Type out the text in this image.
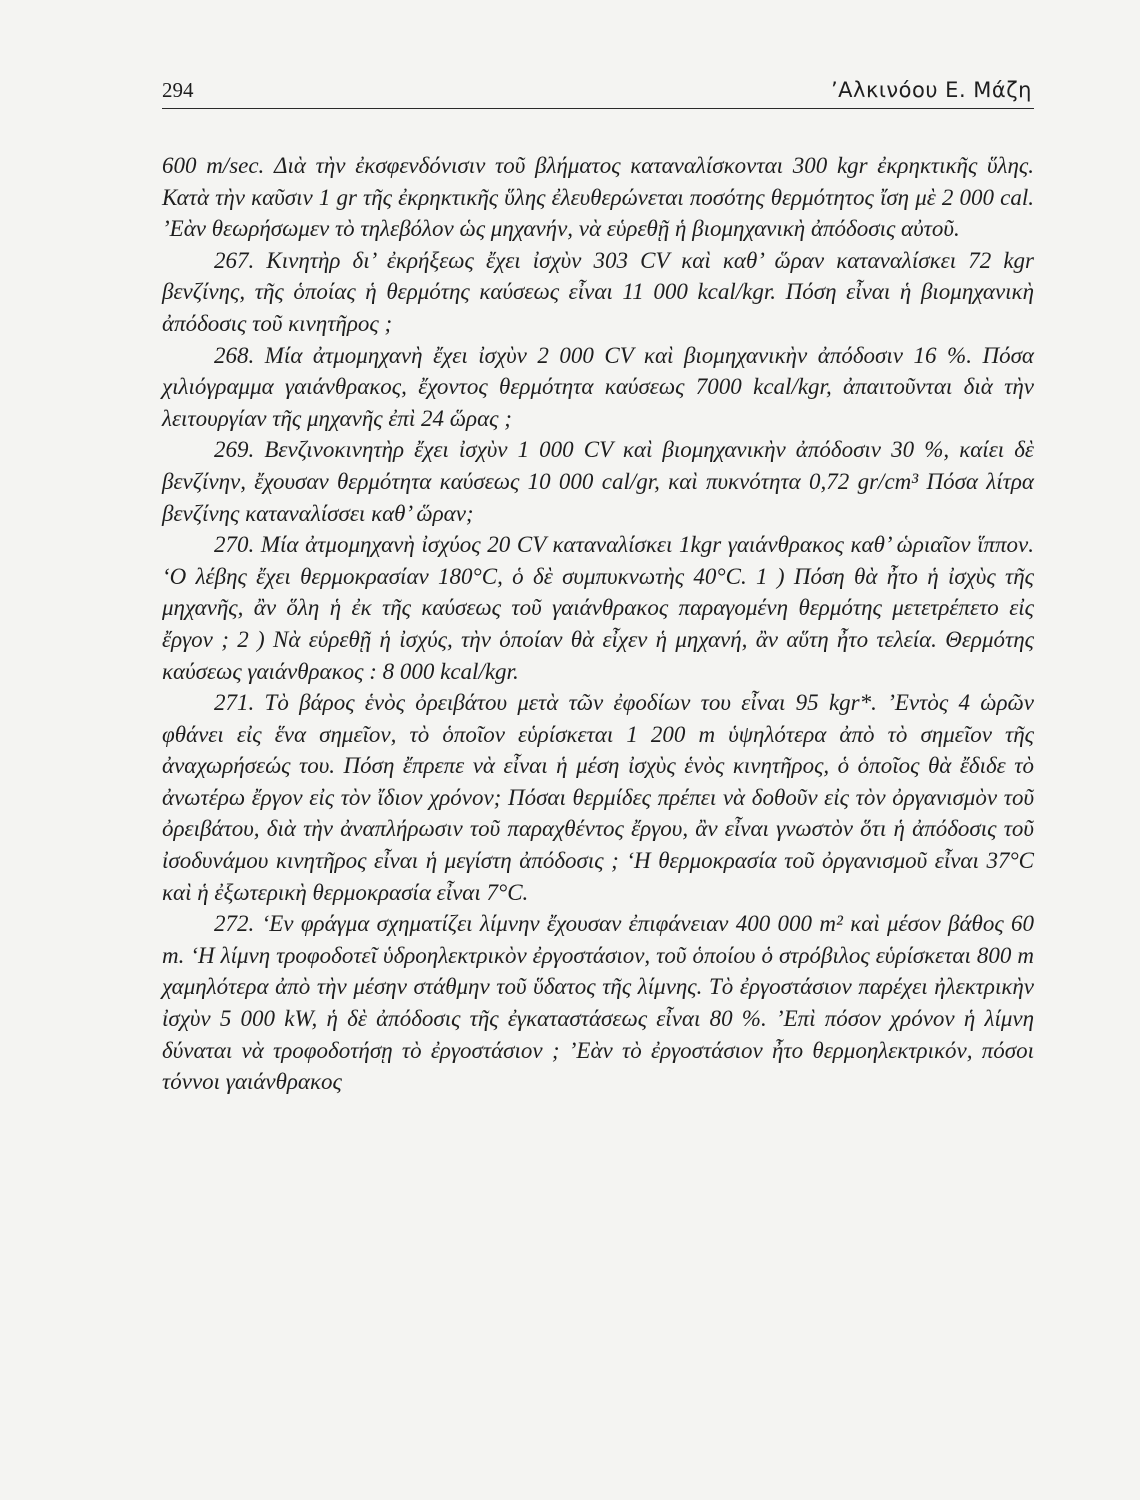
294	’Αλκινόου Ε. Μάζη

600 m/sec. Διὰ τὴν ἐκσφενδόνισιν τοῦ βλήματος καταναλίσκονται 300 kgr ἐκρηκτικῆς ὕλης. Κατὰ τὴν καῦσιν 1 gr τῆς ἐκρηκτικῆς ὕλης ἐλευθερώνεται ποσότης θερμότητος ἴση μὲ 2 000 cal. ’Εὰν θεωρήσωμεν τὸ τηλεβόλον ὡς μηχανήν, νὰ εὑρεθῇ ἡ βιομηχανικὴ ἀπόδοσις αὐτοῦ.

267. Κινητὴρ δι’ ἐκρήξεως ἔχει ἰσχὺν 303 CV καὶ καθ’ ὥραν καταναλίσκει 72 kgr βενζίνης, τῆς ὁποίας ἡ θερμότης καύσεως εἶναι 11 000 kcal/kgr. Πόση εἶναι ἡ βιομηχανικὴ ἀπόδοσις τοῦ κινητῆρος ;

268. Μία ἀτμομηχανὴ ἔχει ἰσχὺν 2 000 CV καὶ βιομηχανικὴν ἀπόδοσιν 16 %. Πόσα χιλιόγραμμα γαιάνθρακος, ἔχοντος θερμότητα καύσεως 7000 kcal/kgr, ἀπαιτοῦνται διὰ τὴν λειτουργίαν τῆς μηχανῆς ἐπὶ 24 ὥρας ;

269. Βενζινοκινητὴρ ἔχει ἰσχὺν 1 000 CV καὶ βιομηχανικὴν ἀπόδοσιν 30 %, καίει δὲ βενζίνην, ἔχουσαν θερμότητα καύσεως 10 000 cal/gr, καὶ πυκνότητα 0,72 gr/cm³ Πόσα λίτρα βενζίνης καταναλίσσει καθ’ ὥραν;

270. Μία ἀτμομηχανὴ ἰσχύος 20 CV καταναλίσκει 1kgr γαιάνθρακος καθ’ ὡριαῖον ἵππον. ‘Ο λέβης ἔχει θερμοκρασίαν 180°C, ὁ δὲ συμπυκνωτὴς 40°C. 1 ) Πόση θὰ ἦτο ἡ ἰσχὺς τῆς μηχανῆς, ἂν ὅλη ἡ ἐκ τῆς καύσεως τοῦ γαιάνθρακος παραγομένη θερμότης μετετρέπετο εἰς ἔργον ; 2 ) Νὰ εὑρεθῇ ἡ ἰσχύς, τὴν ὁποίαν θὰ εἶχεν ἡ μηχανή, ἂν αὕτη ἦτο τελεία. Θερμότης καύσεως γαιάνθρακος : 8 000 kcal/kgr.

271. Τὸ βάρος ἑνὸς ὀρειβάτου μετὰ τῶν ἐφοδίων του εἶναι 95 kgr*. ’Εντὸς 4 ὡρῶν φθάνει εἰς ἕνα σημεῖον, τὸ ὁποῖον εὑρίσκεται 1 200 m ὑψηλότερα ἀπὸ τὸ σημεῖον τῆς ἀναχωρήσεώς του. Πόση ἔπρεπε νὰ εἶναι ἡ μέση ἰσχὺς ἑνὸς κινητῆρος, ὁ ὁποῖος θὰ ἔδιδε τὸ ἀνωτέρω ἔργον εἰς τὸν ἴδιον χρόνον; Πόσαι θερμίδες πρέπει νὰ δοθοῦν εἰς τὸν ὀργανισμὸν τοῦ ὀρειβάτου, διὰ τὴν ἀναπλήρωσιν τοῦ παραχθέντος ἔργου, ἂν εἶναι γνωστὸν ὅτι ἡ ἀπόδοσις τοῦ ἰσοδυνάμου κινητῆρος εἶναι ἡ μεγίστη ἀπόδοσις ; ‘Η θερμοκρασία τοῦ ὀργανισμοῦ εἶναι 37°C καὶ ἡ ἐξωτερικὴ θερμοκρασία εἶναι 7°C.

272. ‘Εν φράγμα σχηματίζει λίμνην ἔχουσαν ἐπιφάνειαν 400 000 m² καὶ μέσον βάθος 60 m. ‘Η λίμνη τροφοδοτεῖ ὑδροηλεκτρικὸν ἐργοστάσιον, τοῦ ὁποίου ὁ στρόβιλος εὑρίσκεται 800 m χαμηλότερα ἀπὸ τὴν μέσην στάθμην τοῦ ὕδατος τῆς λίμνης. Τὸ ἐργοστάσιον παρέχει ἠλεκτρικὴν ἰσχὺν 5 000 kW, ἡ δὲ ἀπόδοσις τῆς ἐγκαταστάσεως εἶναι 80 %. ’Επὶ πόσον χρόνον ἡ λίμνη δύναται νὰ τροφοδοτήσῃ τὸ ἐργοστάσιον ; ’Εὰν τὸ ἐργοστάσιον ἦτο θερμοηλεκτρικόν, πόσοι τόννοι γαιάνθρακος
